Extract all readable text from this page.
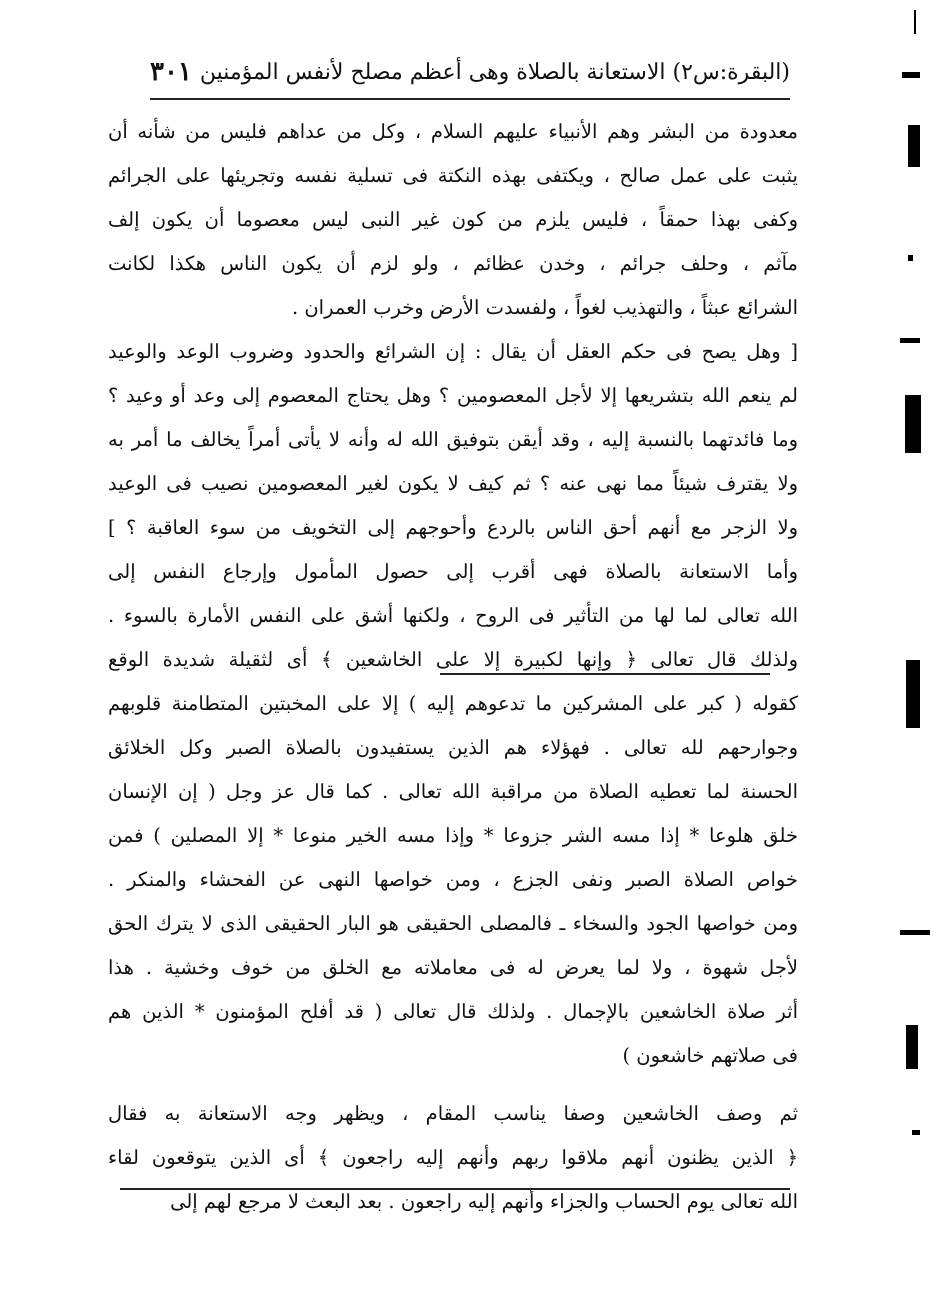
(البقرة:س٢) الاستعانة بالصلاة وهى أعظم مصلح لأنفس المؤمنين
٣٠١
معدودة من البشر وهم الأنبياء عليهم السلام ، وكل من عداهم فليس من شأنه أن
يثبت على عمل صالح ، ويكتفى بهذه النكتة فى تسلية نفسه وتجريئها على الجرائم
وكفى بهذا حمقاً ، فليس يلزم من كون غير النبى ليس معصوما أن يكون إلف
مآثم ، وحلف جرائم ، وخدن عظائم ، ولو لزم أن يكون الناس هكذا لكانت
الشرائع عبثاً ، والتهذيب لغواً ، ولفسدت الأرض وخرب العمران .
[ وهل يصح فى حكم العقل أن يقال : إن الشرائع والحدود وضروب الوعد والوعيد
لم ينعم الله بتشريعها إلا لأجل المعصومين ؟ وهل يحتاج المعصوم إلى وعد أو وعيد ؟
وما فائدتهما بالنسبة إليه ، وقد أيقن بتوفيق الله له وأنه لا يأتى أمراً يخالف ما أمر به
ولا يقترف شيئاً مما نهى عنه ؟ ثم كيف لا يكون لغير المعصومين نصيب فى الوعيد
ولا الزجر مع أنهم أحق الناس بالردع وأحوجهم إلى التخويف من سوء العاقبة ؟ ]
وأما الاستعانة بالصلاة فهى أقرب إلى حصول المأمول وإرجاع النفس إلى
الله تعالى لما لها من التأثير فى الروح ، ولكنها أشق على النفس الأمارة بالسوء .
ولذلك قال تعالى ﴿ وإنها لكبيرة إلا على الخاشعين ﴾ أى لثقيلة شديدة الوقع
كقوله ( كبر على المشركين ما تدعوهم إليه ) إلا على المخبتين المتطامنة قلوبهم
وجوارحهم لله تعالى . فهؤلاء هم الذين يستفيدون بالصلاة الصبر وكل الخلائق
الحسنة لما تعطيه الصلاة من مراقبة الله تعالى . كما قال عز وجل ( إن الإنسان
خلق هلوعا * إذا مسه الشر جزوعا * وإذا مسه الخير منوعا * إلا المصلين ) فمن
خواص الصلاة الصبر ونفى الجزع ، ومن خواصها النهى عن الفحشاء والمنكر .
ومن خواصها الجود والسخاء ـ فالمصلى الحقيقى هو البار الحقيقى الذى لا يترك الحق
لأجل شهوة ، ولا لما يعرض له فى معاملاته مع الخلق من خوف وخشية . هذا
أثر صلاة الخاشعين بالإجمال . ولذلك قال تعالى ( قد أفلح المؤمنون * الذين هم
فى صلاتهم خاشعون )
ثم وصف الخاشعين وصفا يناسب المقام ، ويظهر وجه الاستعانة به فقال
﴿ الذين يظنون أنهم ملاقوا ربهم وأنهم إليه راجعون ﴾ أى الذين يتوقعون لقاء
الله تعالى يوم الحساب والجزاء وأنهم إليه راجعون . بعد البعث لا مرجع لهم إلى
